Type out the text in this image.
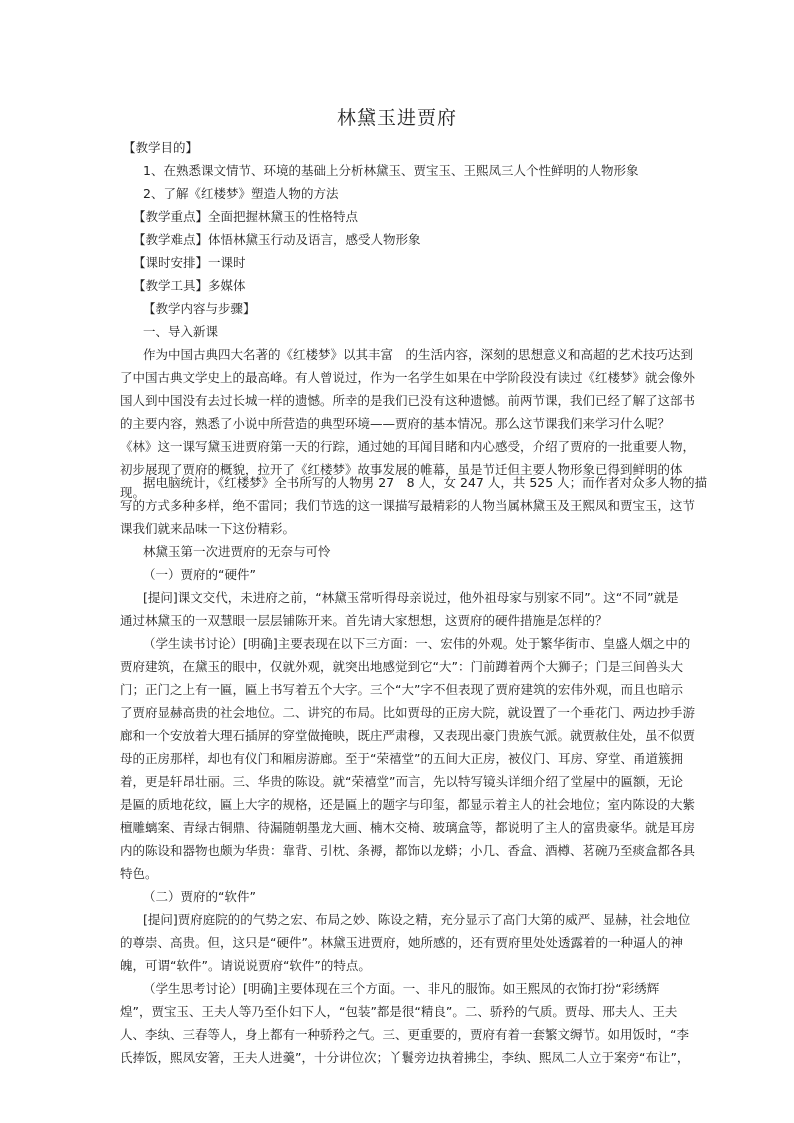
林黛玉进贾府

【教学目的】

1、在熟悉课文情节、环境的基础上分析林黛玉、贾宝玉、王熙凤三人个性鲜明的人物形象

2、了解《红楼梦》塑造人物的方法

【教学重点】全面把握林黛玉的性格特点

【教学难点】体悟林黛玉行动及语言，感受人物形象

【课时安排】一课时

【教学工具】多媒体

【教学内容与步骤】

一、导入新课

作为中国古典四大名著的《红楼梦》以其丰富　的生活内容，深刻的思想意义和高超的艺术技巧达到

了中国古典文学史上的最高峰。有人曾说过，作为一名学生如果在中学阶段没有读过《红楼梦》就会像外

国人到中国没有去过长城一样的遗憾。所幸的是我们已没有这种遗憾。前两节课，我们已经了解了这部书

的主要内容，熟悉了小说中所营造的典型环境——贾府的基本情况。那么这节课我们来学习什么呢？

《林》这一课写黛玉进贾府第一天的行踪，通过她的耳闻目睹和内心感受，介绍了贾府的一批重要人物，

初步展现了贾府的概貌，拉开了《红楼梦》故事发展的帷幕，虽是节迁但主要人物形象已得到鲜明的体

现。

据电脑统计，《红楼梦》全书所写的人物男 27　8 人，女 247 人，共 525 人；而作者对众多人物的描

写的方式多种多样，绝不雷同；我们节选的这一课描写最精彩的人物当属林黛玉及王熙凤和贾宝玉，这节

课我们就来品味一下这份精彩。

林黛玉第一次进贾府的无奈与可怜

（一）贾府的“硬件”

[提问]课文交代，未进府之前，“林黛玉常听得母亲说过，他外祖母家与别家不同”。这“不同”就是

通过林黛玉的一双慧眼一层层铺陈开来。首先请大家想想，这贾府的硬件措施是怎样的？

（学生读书讨论）[明确]主要表现在以下三方面：一、宏伟的外观。处于繁华街市、皇盛人烟之中的

贾府建筑，在黛玉的眼中，仅就外观，就突出地感觉到它“大”：门前蹲着两个大狮子；门是三间兽头大

门；正门之上有一匾，匾上书写着五个大字。三个“大”字不但表现了贾府建筑的宏伟外观，而且也暗示

了贾府显赫高贵的社会地位。二、讲究的布局。比如贾母的正房大院，就设置了一个垂花门、两边抄手游

廊和一个安放着大理石插屏的穿堂做掩映，既庄严肃穆，又表现出豪门贵族气派。就贾赦住处，虽不似贾

母的正房那样，却也有仪门和厢房游廊。至于“荣禧堂”的五间大正房，被仪门、耳房、穿堂、甬道簇拥

着，更是轩昂壮丽。三、华贵的陈设。就“荣禧堂”而言，先以特写镜头详细介绍了堂屋中的匾额，无论

是匾的质地花纹，匾上大字的规格，还是匾上的题字与印玺，都显示着主人的社会地位；室内陈设的大紫

檀雕螭案、青绿古铜鼎、待漏随朝墨龙大画、楠木交椅、玻璃盒等，都说明了主人的富贵豪华。就是耳房

内的陈设和器物也颇为华贵：靠背、引枕、条褥，都饰以龙蟒；小几、香盒、酒樽、茗碗乃至痰盒都各具

特色。

（二）贾府的“软件”

[提问]贾府庭院的的气势之宏、布局之妙、陈设之精，充分显示了高门大第的威严、显赫，社会地位

的尊崇、高贵。但，这只是“硬件”。林黛玉进贾府，她所感的，还有贾府里处处透露着的一种逼人的神

魄，可谓“软件”。请说说贾府“软件”的特点。

（学生思考讨论）[明确]主要体现在三个方面。一、非凡的服饰。如王熙凤的衣饰打扮“彩绣辉

煌”，贾宝玉、王夫人等乃至仆妇下人，“包装”都是很“精良”。二、骄矜的气质。贾母、邢夫人、王夫

人、李纨、三春等人，身上都有一种骄矜之气。三、更重要的，贾府有着一套繁文缛节。如用饭时，“李

氏捧饭，熙凤安箸，王夫人进羹”，十分讲位次；丫鬟旁边执着拂尘，李纨、熙凤二人立于案旁“布让”，
